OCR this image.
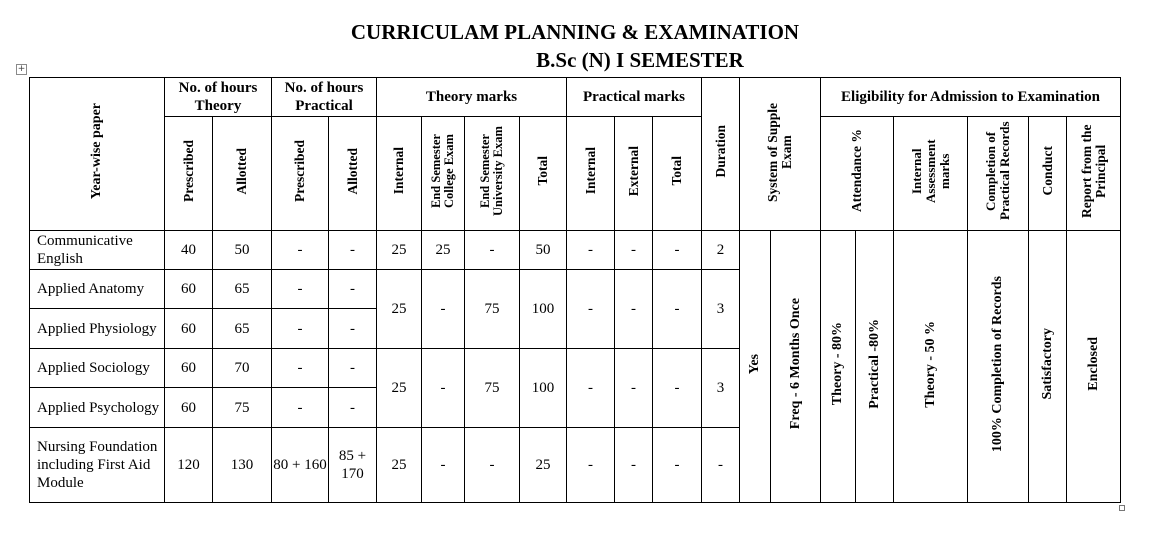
CURRICULAM PLANNING & EXAMINATION
B.Sc (N) I SEMESTER
+
Year-wise paper	No. of hours Theory		No. of hours Practical		Theory marks				Practical marks			Duration	System of Supple Exam		Eligibility for Admission to Examination					
	Prescribed	Allotted	Prescribed	Allotted	Internal	End Semester College Exam	End Semester University Exam	Total	Internal	External	Total				Attendance %		Internal Assessment marks	Completion of Practical Records	Conduct	Report from the Principal
Communicative English	40	50	-	-	25	25	-	50	-	-	-	2	Yes	Freq - 6 Months Once	Theory - 80%	Practical -80%	Theory - 50 %	100% Completion of Records	Satisfactory	Enclosed
Applied Anatomy	60	65	-	-	25	-	75	100	-	-	-	3								
Applied Physiology	60	65	-	-																
Applied Sociology	60	70	-	-	25	-	75	100	-	-	-	3								
Applied Psychology	60	75	-	-																
Nursing Foundation including First Aid Module	120	130	80 + 160	85 + 170	25	-	-	25	-	-	-	-								
